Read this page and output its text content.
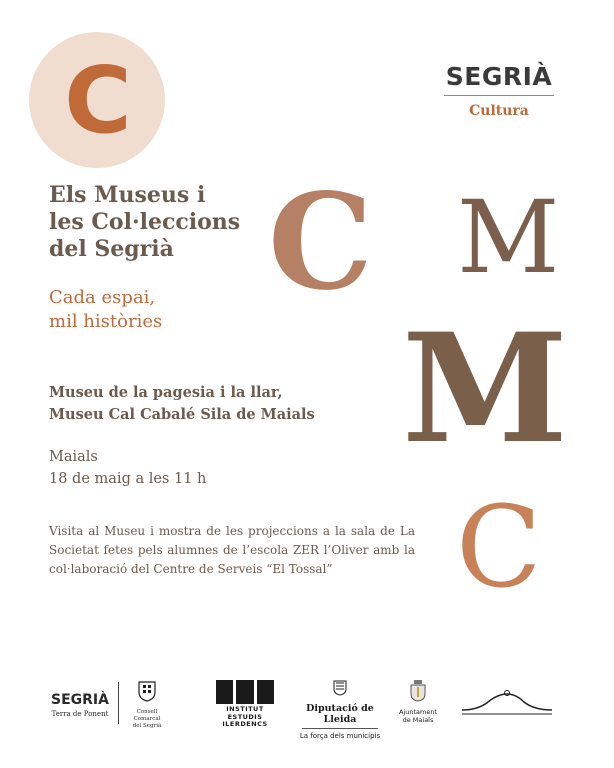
C	SEGRIÀ
Cultura
Els Museus i
les Col·leccions
del Segrià
Cada espai,
mil històries
Museu de la pagesia i la llar,
Museu Cal Cabalé Sila de Maials
Maials
18 de maig a les 11 h
Visita al Museu i mostra de les projeccions a la sala de La Societat fetes pels alumnes de l’escola ZER l’Oliver amb la col·laboració del Centre de Serveis “El Tossal”
C M
M
C
SEGRIÀ
Terra de Ponent	Consell Comarcal
del Segrià
INSTITUT
ESTUDIS
ILERDENCS
Diputació de Lleida
La força dels municipis
Ajuntament
de Maials
